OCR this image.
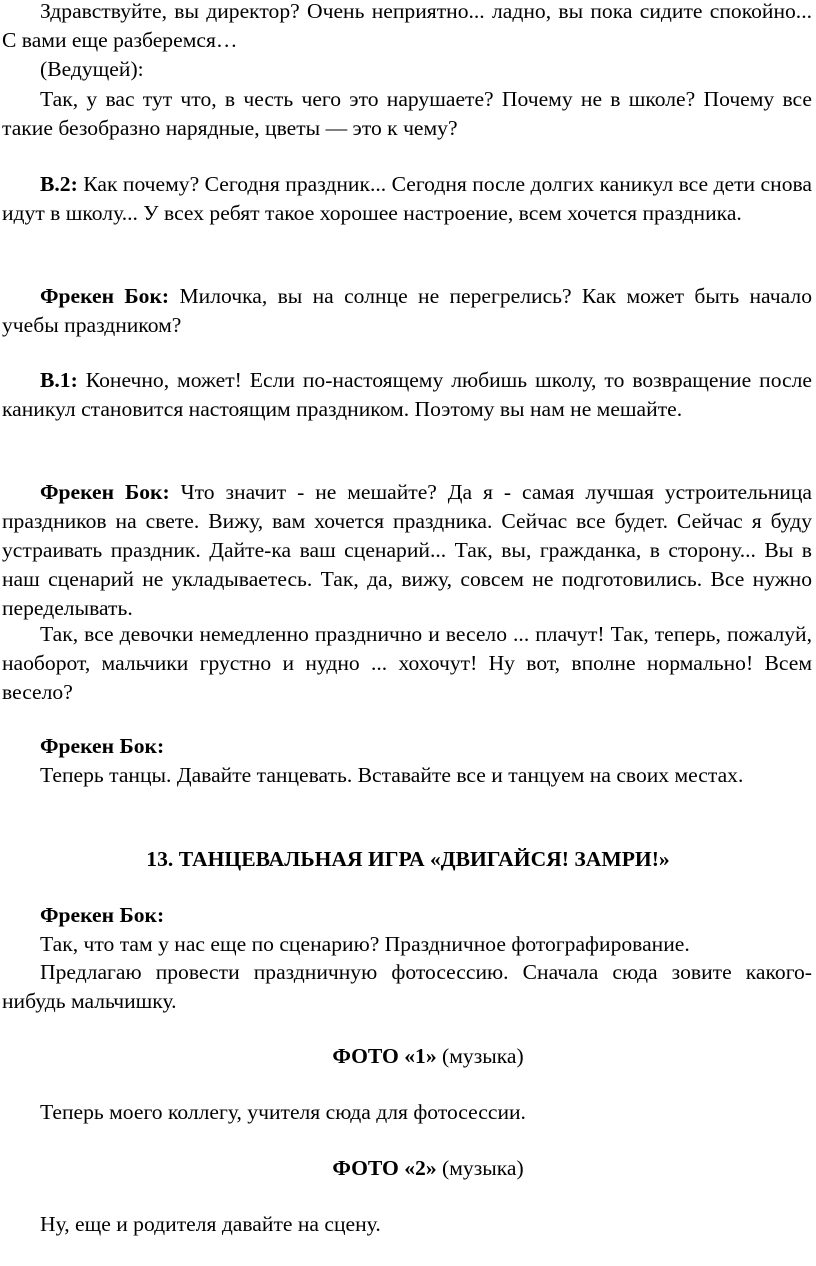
Здравствуйте, вы директор? Очень неприятно... ладно, вы пока сидите спокойно... С вами еще разберемся…

(Ведущей):

Так, у вас тут что, в честь чего это нарушаете? Почему не в школе? Почему все такие безобразно нарядные, цветы — это к чему?

В.2: Как почему? Сегодня праздник... Сегодня после долгих каникул все дети снова идут в школу... У всех ребят такое хорошее настроение, всем хочется праздника.

Фрекен Бок: Милочка, вы на солнце не перегрелись? Как может быть начало учебы праздником?

В.1: Конечно, может! Если по-настоящему любишь школу, то возвращение после каникул становится настоящим праздником. Поэтому вы нам не мешайте.

Фрекен Бок: Что значит - не мешайте? Да я - самая лучшая устроительница праздников на свете. Вижу, вам хочется праздника. Сейчас все будет. Сейчас я буду устраивать праздник. Дайте-ка ваш сценарий... Так, вы, гражданка, в сторону... Вы в наш сценарий не укладываетесь. Так, да, вижу, совсем не подготовились. Все нужно переделывать.

Так, все девочки немедленно празднично и весело ... плачут! Так, теперь, пожалуй, наоборот, мальчики грустно и нудно ... хохочут! Ну вот, вполне нормально! Всем весело?

Фрекен Бок:

Теперь танцы. Давайте танцевать. Вставайте все и танцуем на своих местах.

13. ТАНЦЕВАЛЬНАЯ ИГРА «ДВИГАЙСЯ! ЗАМРИ!»

Фрекен Бок:

Так, что там у нас еще по сценарию? Праздничное фотографирование.

Предлагаю провести праздничную фотосессию. Сначала сюда зовите какого-нибудь мальчишку.

ФОТО «1» (музыка)

Теперь моего коллегу, учителя сюда для фотосессии.

ФОТО «2» (музыка)

Ну, еще и родителя давайте на сцену.
